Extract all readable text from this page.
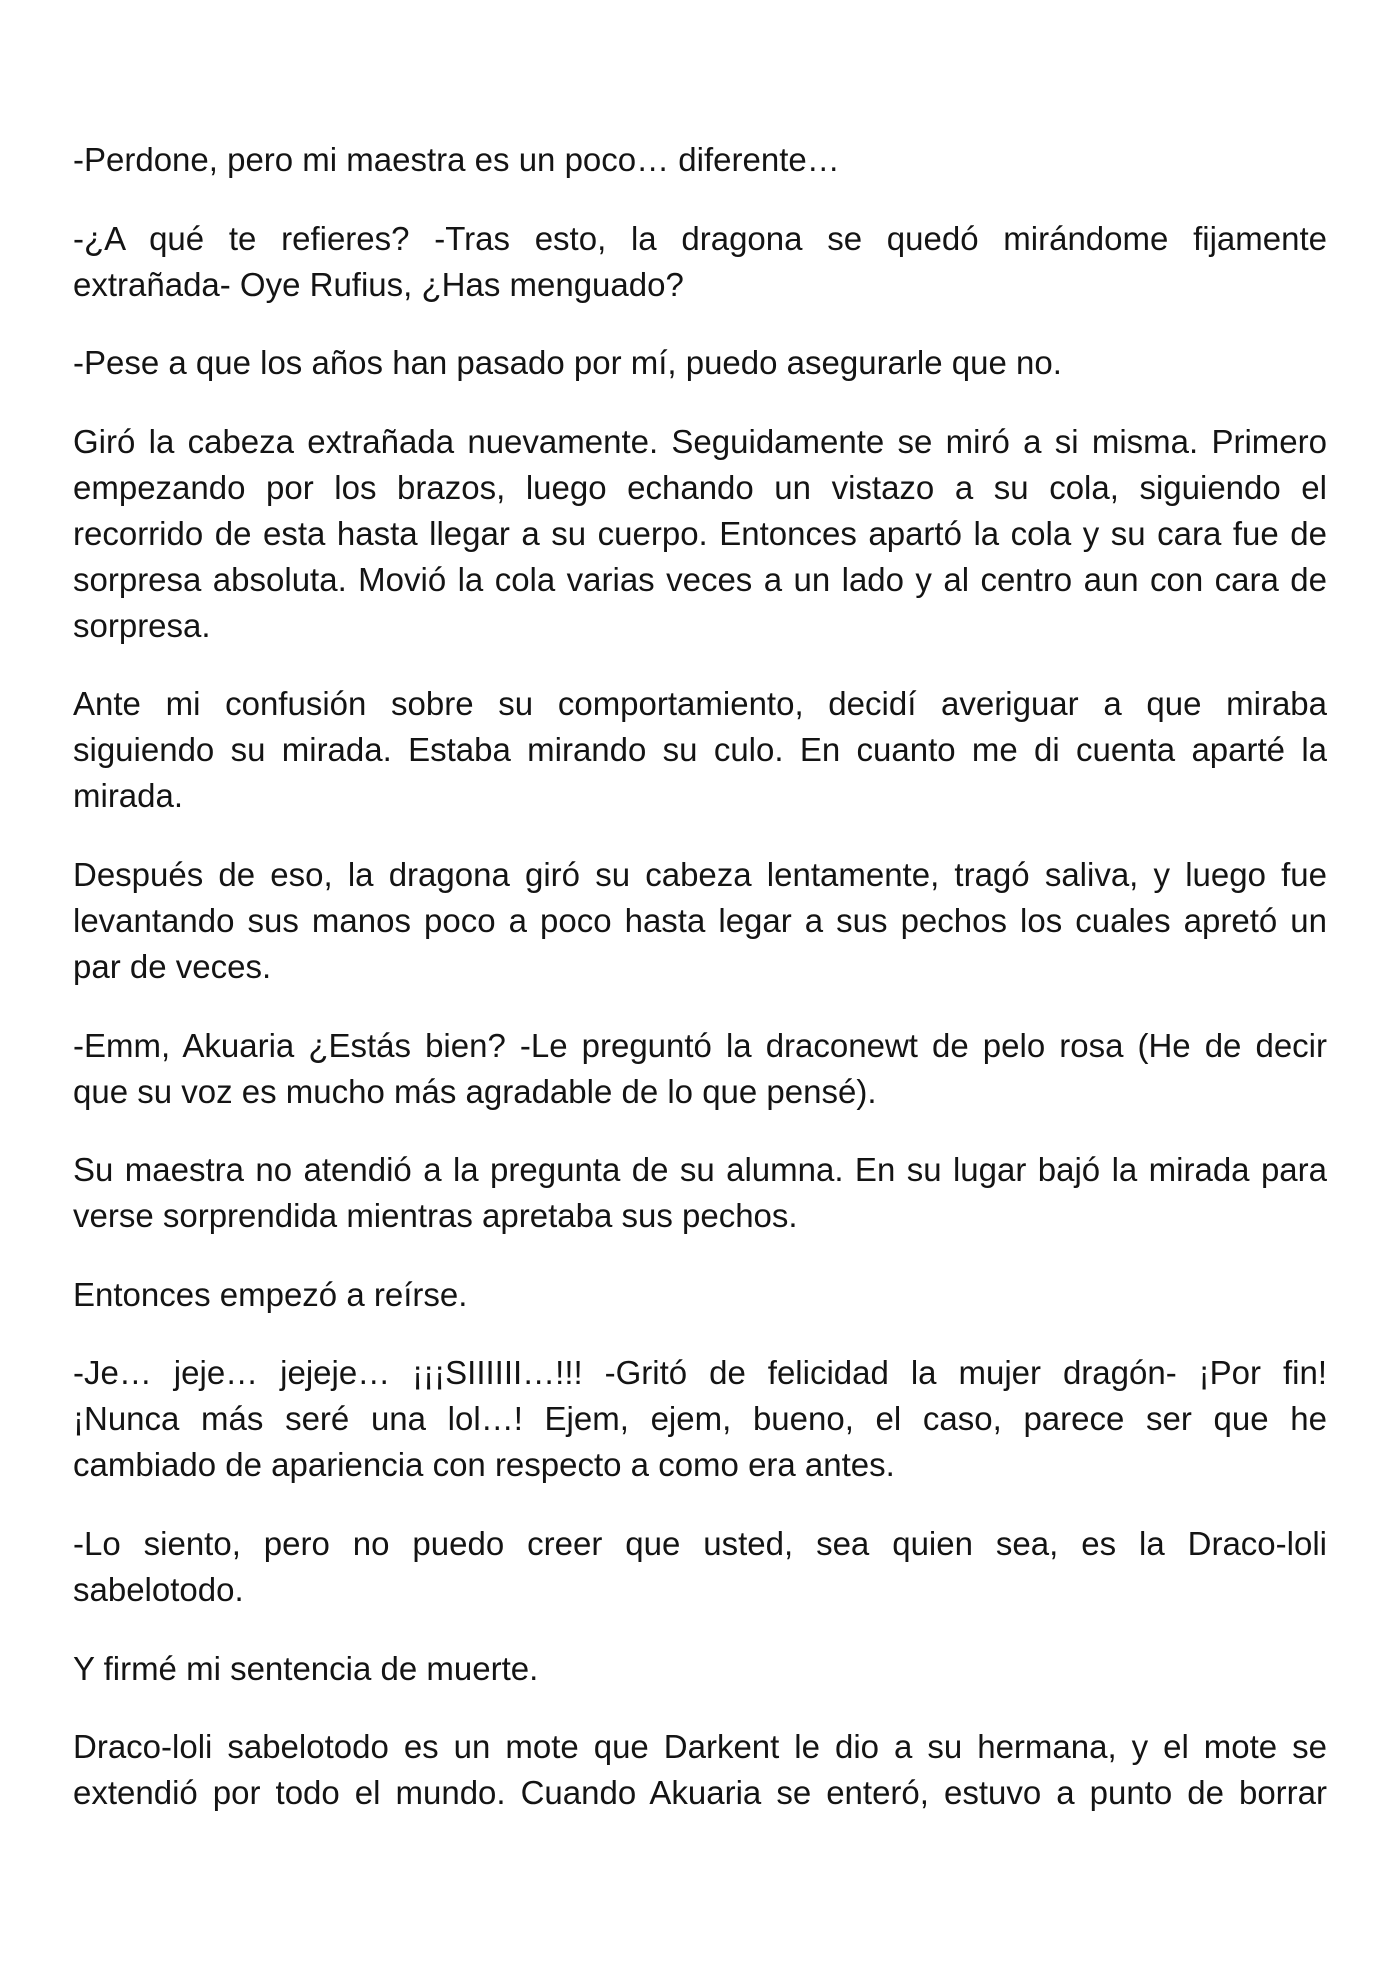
-Perdone, pero mi maestra es un poco… diferente…
-¿A qué te refieres? -Tras esto, la dragona se quedó mirándome fijamente
extrañada- Oye Rufius, ¿Has menguado?
-Pese a que los años han pasado por mí, puedo asegurarle que no.
Giró la cabeza extrañada nuevamente. Seguidamente se miró a si misma. Primero
empezando por los brazos, luego echando un vistazo a su cola, siguiendo el
recorrido de esta hasta llegar a su cuerpo. Entonces apartó la cola y su cara fue de
sorpresa absoluta. Movió la cola varias veces a un lado y al centro aun con cara de
sorpresa.
Ante mi confusión sobre su comportamiento, decidí averiguar a que miraba
siguiendo su mirada. Estaba mirando su culo. En cuanto me di cuenta aparté la
mirada.
Después de eso, la dragona giró su cabeza lentamente, tragó saliva, y luego fue
levantando sus manos poco a poco hasta legar a sus pechos los cuales apretó un
par de veces.
-Emm, Akuaria ¿Estás bien? -Le preguntó la draconewt de pelo rosa (He de decir
que su voz es mucho más agradable de lo que pensé).
Su maestra no atendió a la pregunta de su alumna. En su lugar bajó la mirada para
verse sorprendida mientras apretaba sus pechos.
Entonces empezó a reírse.
-Je… jeje… jejeje… ¡¡¡SIIIIII…!!! -Gritó de felicidad la mujer dragón- ¡Por fin!
¡Nunca más seré una lol…! Ejem, ejem, bueno, el caso, parece ser que he
cambiado de apariencia con respecto a como era antes.
-Lo siento, pero no puedo creer que usted, sea quien sea, es la Draco-loli
sabelotodo.
Y firmé mi sentencia de muerte.
Draco-loli sabelotodo es un mote que Darkent le dio a su hermana, y el mote se
extendió por todo el mundo. Cuando Akuaria se enteró, estuvo a punto de borrar
